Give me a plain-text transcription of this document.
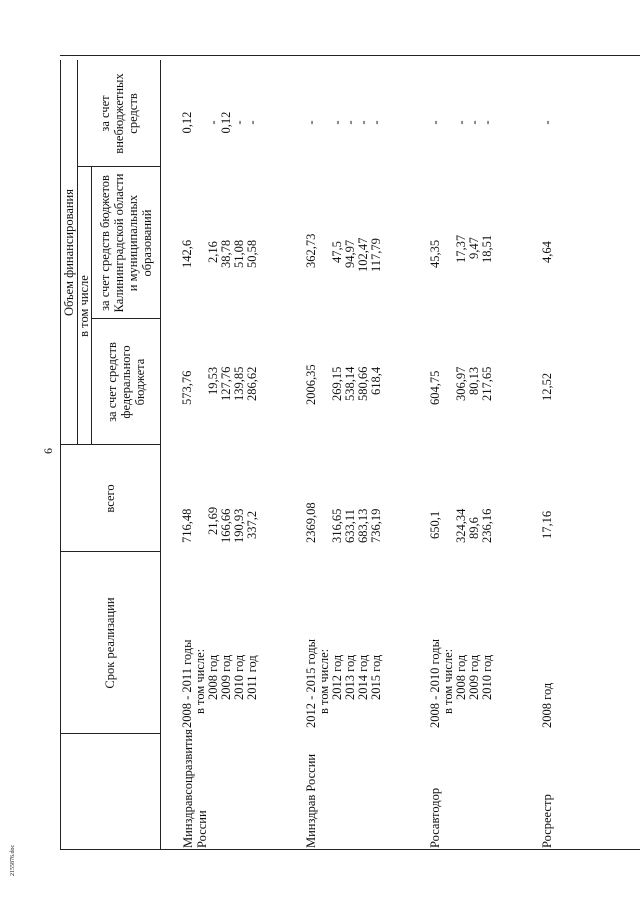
6
2155876.doc
Срок реализации
всего
Объем финансирования в том числе
за счет средств федерального бюджета
за счет средств бюджетов Калининградской области и муниципальных образований
за счет внебюджетных средств
Минздравсоцразвития России
2008 - 2011 годы
716,48
573,76
142,6
0,12
в том числе: 2008 год
21,69
19,53
2,16
-
2009 год
166,66
127,76
38,78
0,12
2010 год
190,93
139,85
51,08
-
2011 год
337,2
286,62
50,58
-
Минздрав России
2012 - 2015 годы
2369,08
2006,35
362,73
-
в том числе: 2012 год
316,65
269,15
47,5
-
2013 год
633,11
538,14
94,97
-
2014 год
683,13
580,66
102,47
-
2015 год
736,19
618,4
117,79
-
Росавтодор
2008 - 2010 годы
650,1
604,75
45,35
-
в том числе: 2008 год
324,34
306,97
17,37
-
2009 год
89,6
80,13
9,47
-
2010 год
236,16
217,65
18,51
-
Росреестр
2008 год
17,16
12,52
4,64
-
